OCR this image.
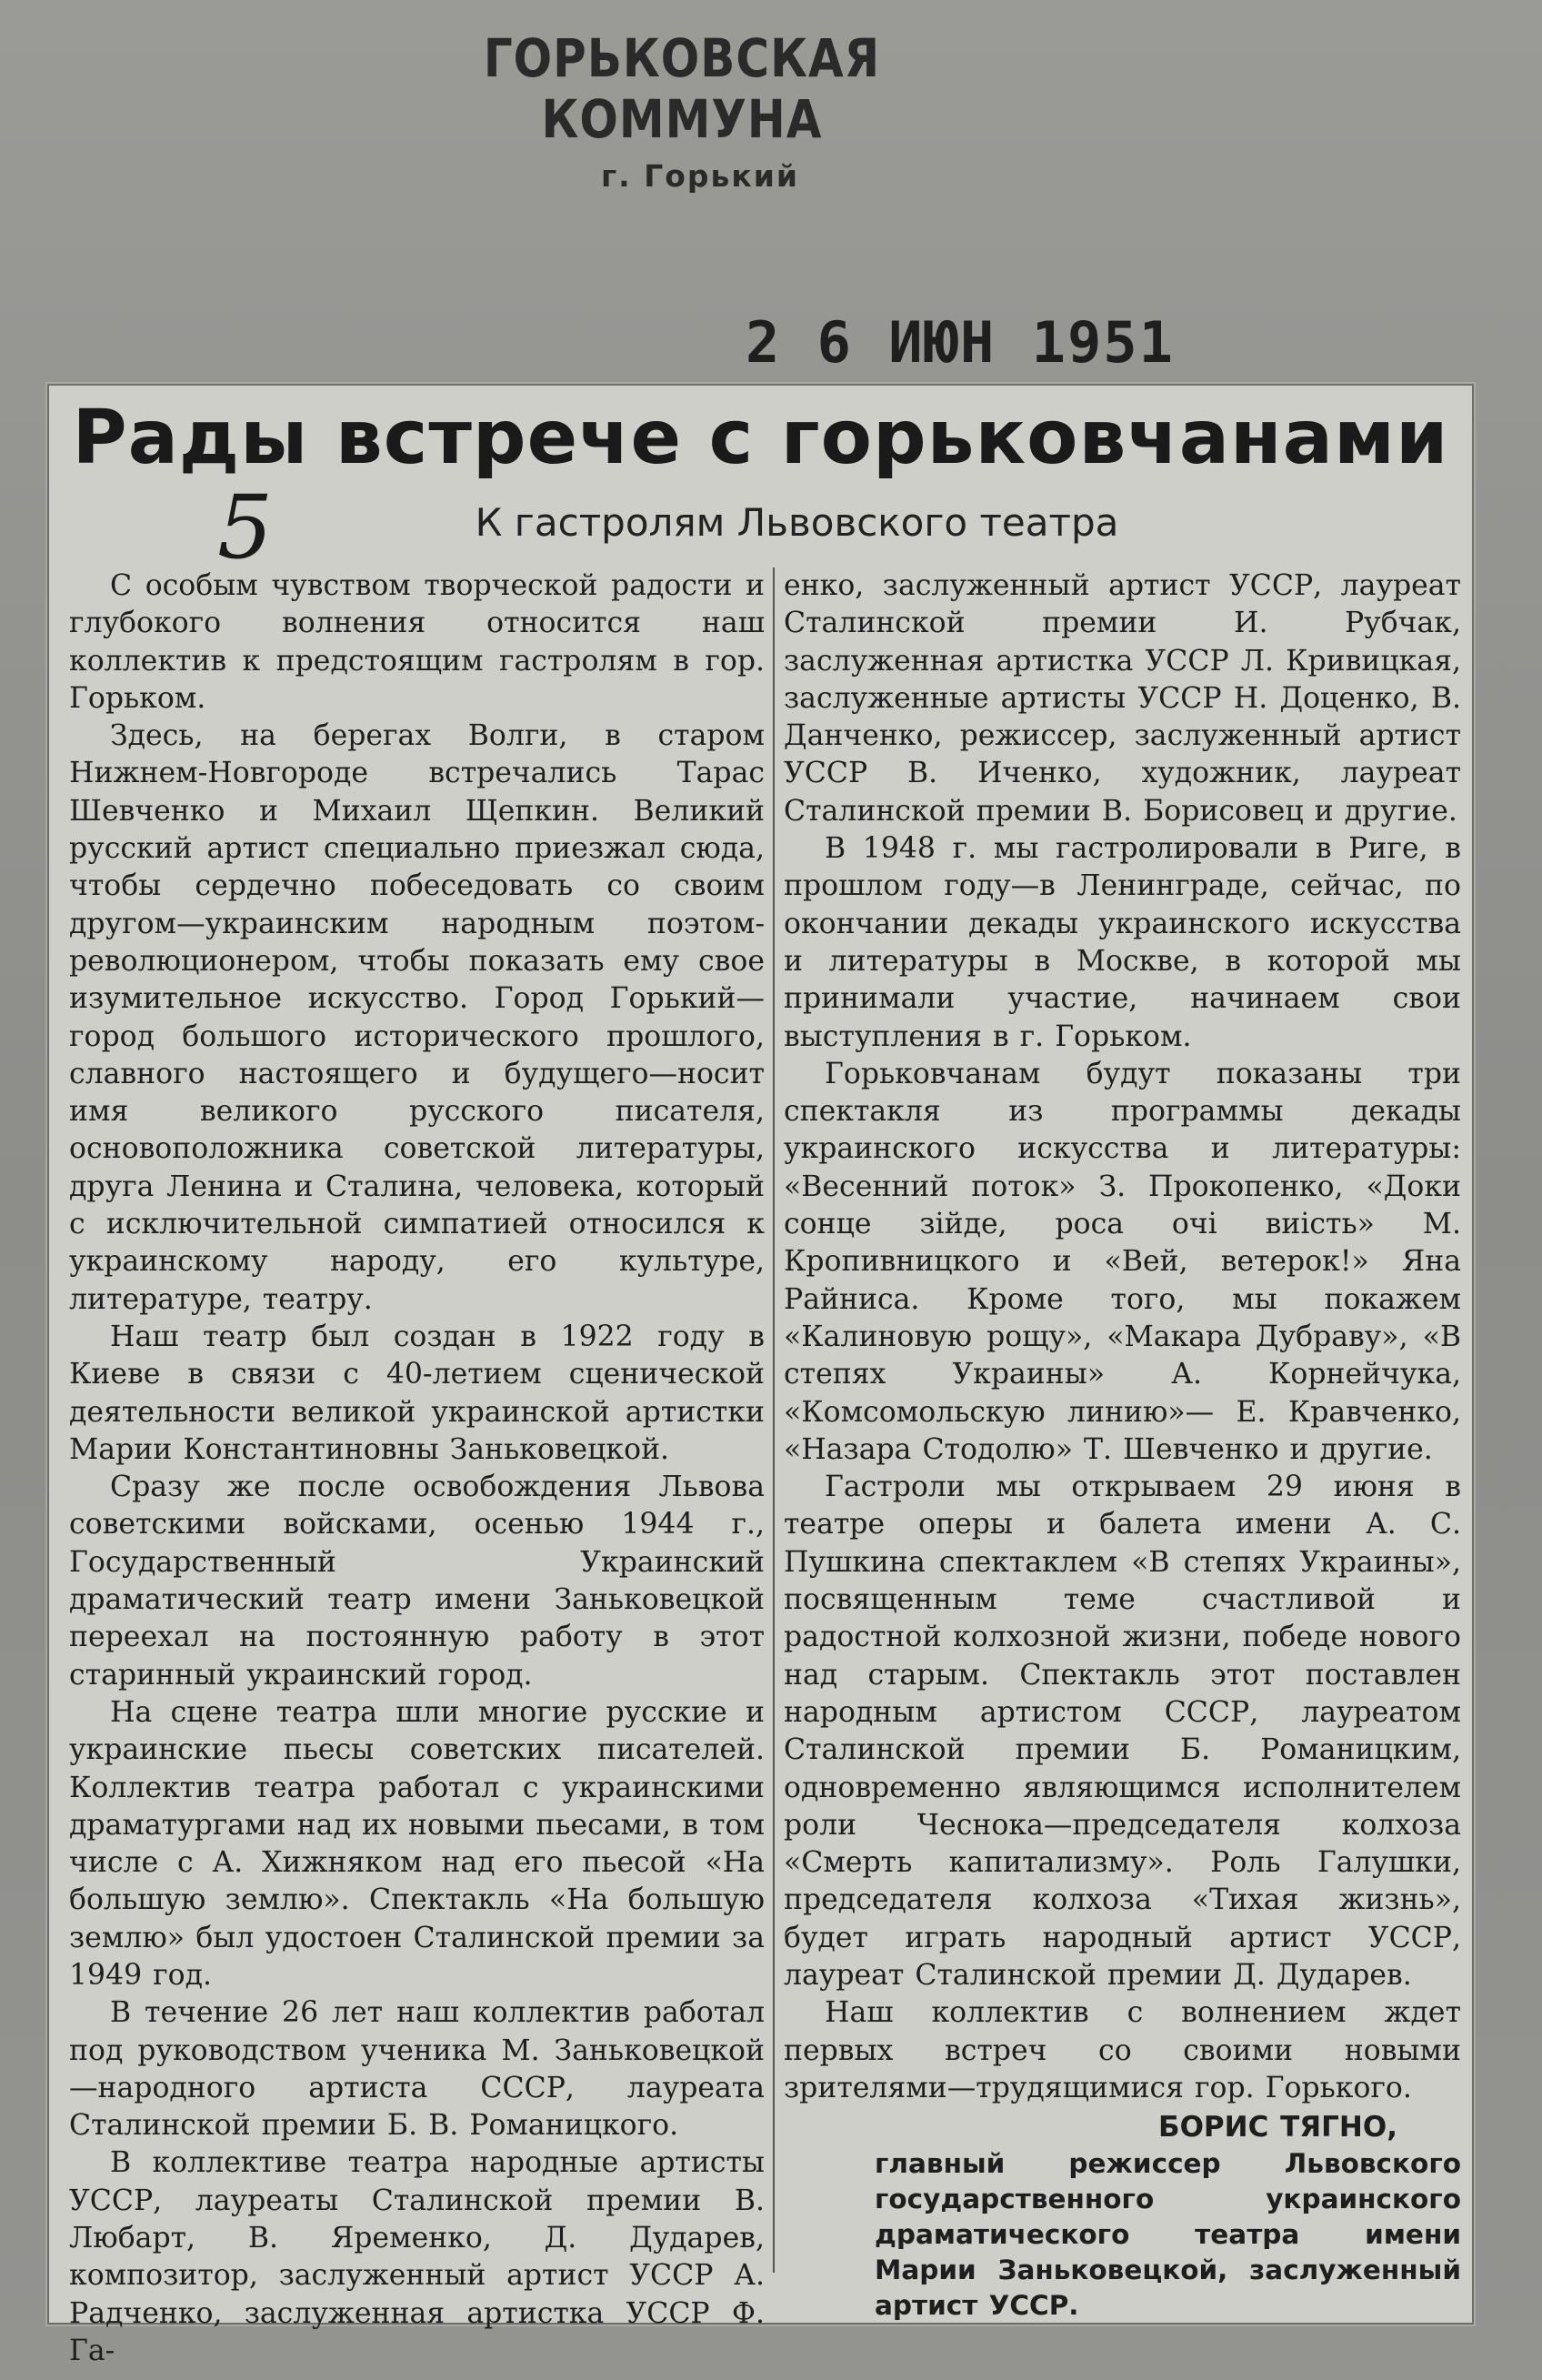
ГОРЬКОВСКАЯ КОММУНА
г. Горький
2 6 ИЮН 1951
Рады встрече с горьковчанами
5	К гастролям Львовского театра

С особым чувством творческой радости и глубокого волнения относится наш коллектив к предстоящим гастролям в гор. Горьком.

Здесь, на берегах Волги, в старом Нижнем-Новгороде встречались Тарас Шевченко и Михаил Щепкин. Великий русский артист специально приезжал сюда, чтобы сердечно побеседовать со своим другом—украинским народным поэтом-революционером, чтобы показать ему свое изумительное искусство. Город Горький—город большого исторического прошлого, славного настоящего и будущего—носит имя великого русского писателя, основоположника советской литературы, друга Ленина и Сталина, человека, который с исключительной симпатией относился к украинскому народу, его культуре, литературе, театру.

Наш театр был создан в 1922 году в Киеве в связи с 40-летием сценической деятельности великой украинской артистки Марии Константиновны Заньковецкой.

Сразу же после освобождения Львова советскими войсками, осенью 1944 г., Государственный Украинский драматический театр имени Заньковецкой переехал на постоянную работу в этот старинный украинский город.

На сцене театра шли многие русские и украинские пьесы советских писателей. Коллектив театра работал с украинскими драматургами над их новыми пьесами, в том числе с А. Хижняком над его пьесой «На большую землю». Спектакль «На большую землю» был удостоен Сталинской премии за 1949 год.

В течение 26 лет наш коллектив работал под руководством ученика М. Заньковецкой—народного артиста СССР, лауреата Сталинской премии Б. В. Романицкого.

В коллективе театра народные артисты УССР, лауреаты Сталинской премии В. Любарт, В. Яременко, Д. Дударев, композитор, заслуженный артист УССР А. Радченко, заслуженная артистка УССР Ф. Га-

енко, заслуженный артист УССР, лауреат Сталинской премии И. Рубчак, заслуженная артистка УССР Л. Кривицкая, заслуженные артисты УССР Н. Доценко, В. Данченко, режиссер, заслуженный артист УССР В. Иченко, художник, лауреат Сталинской премии В. Борисовец и другие.

В 1948 г. мы гастролировали в Риге, в прошлом году—в Ленинграде, сейчас, по окончании декады украинского искусства и литературы в Москве, в которой мы принимали участие, начинаем свои выступления в г. Горьком.

Горьковчанам будут показаны три спектакля из программы декады украинского искусства и литературы: «Весенний поток» З. Прокопенко, «Доки сонце зiйде, роса очi виiсть» М. Кропивницкого и «Вей, ветерок!» Яна Райниса. Кроме того, мы покажем «Калиновую рощу», «Макара Дубраву», «В степях Украины» А. Корнейчука, «Комсомольскую линию»— Е. Кравченко, «Назара Стодолю» Т. Шевченко и другие.

Гастроли мы открываем 29 июня в театре оперы и балета имени А. С. Пушкина спектаклем «В степях Украины», посвященным теме счастливой и радостной колхозной жизни, победе нового над старым. Спектакль этот поставлен народным артистом СССР, лауреатом Сталинской премии Б. Романицким, одновременно являющимся исполнителем роли Чеснока—председателя колхоза «Смерть капитализму». Роль Галушки, председателя колхоза «Тихая жизнь», будет играть народный артист УССР, лауреат Сталинской премии Д. Дударев.

Наш коллектив с волнением ждет первых встреч со своими новыми зрителями—трудящимися гор. Горького.

БОРИС ТЯГНО,
главный режиссер Львовского государственного украинского драматического театра имени Марии Заньковецкой, заслуженный артист УССР.
